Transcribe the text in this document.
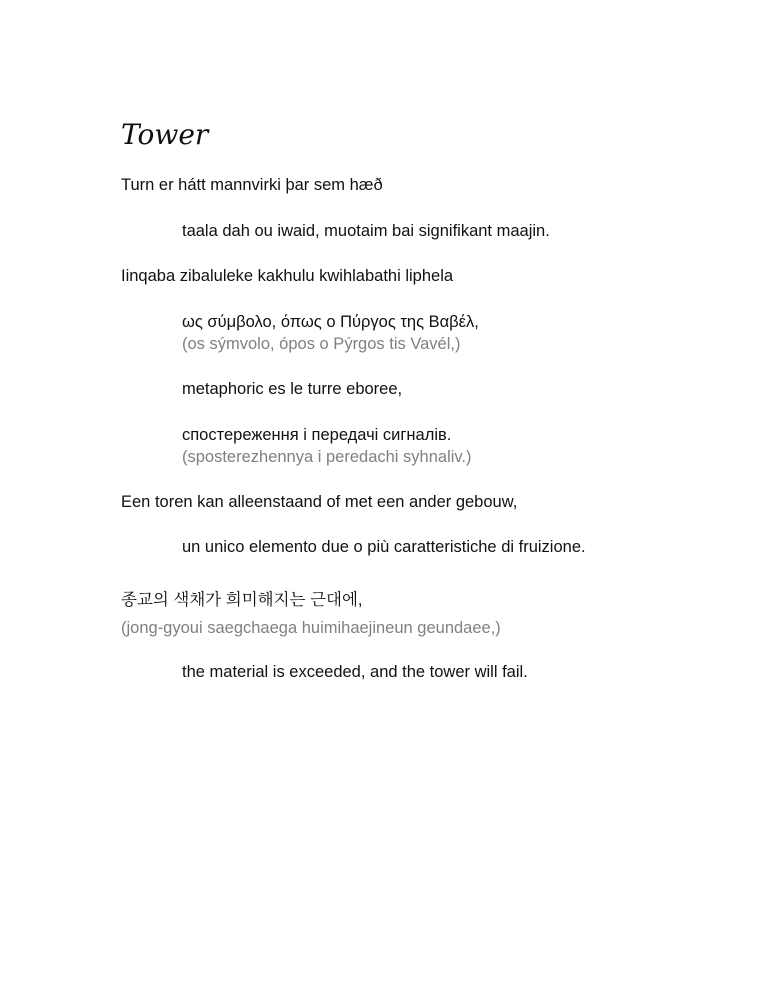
Tower

Turn er hátt mannvirki þar sem hæð

taala dah ou iwaid, muotaim bai signifikant maajin.

Iinqaba zibaluleke kakhulu kwihlabathi liphela

ως σύμβολο, όπως ο Πύργος της Βαβέλ,

(os sýmvolo, ópos o Pýrgos tis Vavél,)

metaphoric es le turre eboree,

спостереження і передачі сигналів.

(sposterezhennya i peredachi syhnaliv.)

Een toren kan alleenstaand of met een ander gebouw,

un unico elemento due o più caratteristiche di fruizione.

종교의 색채가 희미해지는 근대에,

(jong-gyoui saegchaega huimihaejineun geundaee,)

the material is exceeded, and the tower will fail.
